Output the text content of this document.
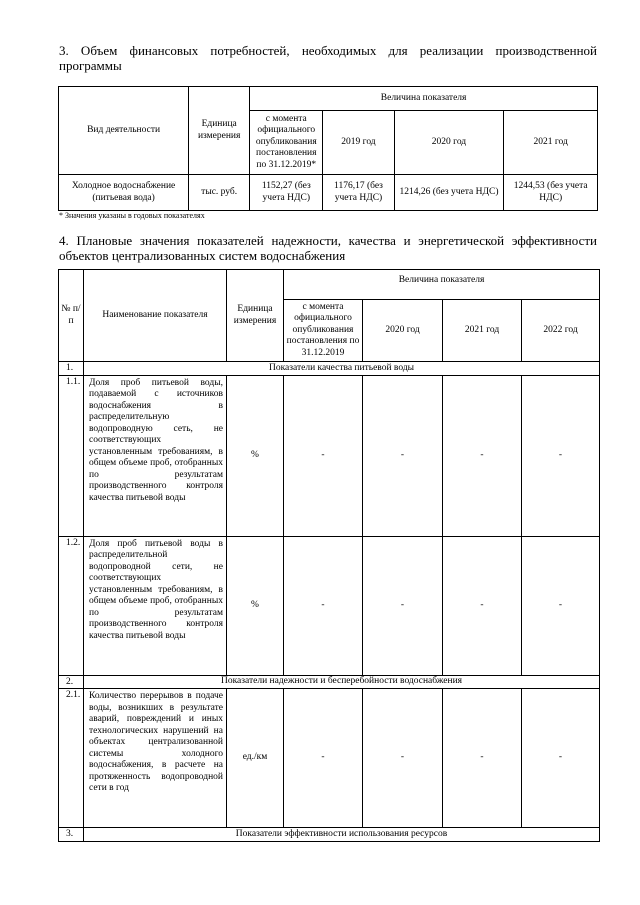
3. Объем финансовых потребностей, необходимых для реализации производственной программы
Вид деятельности	Единица измерения	Величина показателя			
		с момента официального опубликования постановления по 31.12.2019*	2019 год	2020 год	2021 год
Холодное водоснабжение (питьевая вода)	тыс. руб.	1152,27 (без учета НДС)	1176,17 (без учета НДС)	1214,26 (без учета НДС)	1244,53 (без учета НДС)
* Значения указаны в годовых показателях
4. Плановые значения показателей надежности, качества и энергетической эффективности объектов централизованных систем водоснабжения
№ п/п	Наименование показателя	Единица измерения	Величина показателя			
			с момента официального опубликования постановления по 31.12.2019	2020 год	2021 год	2022 год
1.	Показатели качества питьевой воды					
1.1.	Доля проб питьевой воды, подаваемой с источников водоснабжения в распределительную водопроводную сеть, не соответствующих установленным требованиям, в общем объеме проб, отобранных по результатам производственного контроля качества питьевой воды	%	-	-	-	-
1.2.	Доля проб питьевой воды в распределительной водопроводной сети, не соответствующих установленным требованиям, в общем объеме проб, отобранных по результатам производственного контроля качества питьевой воды	%	-	-	-	-
2.	Показатели надежности и бесперебойности водоснабжения					
2.1.	Количество перерывов в подаче воды, возникших в результате аварий, повреждений и иных технологических нарушений на объектах централизованной системы холодного водоснабжения, в расчете на протяженность водопроводной сети в год	ед./км	-	-	-	-
3.	Показатели эффективности использования ресурсов					
